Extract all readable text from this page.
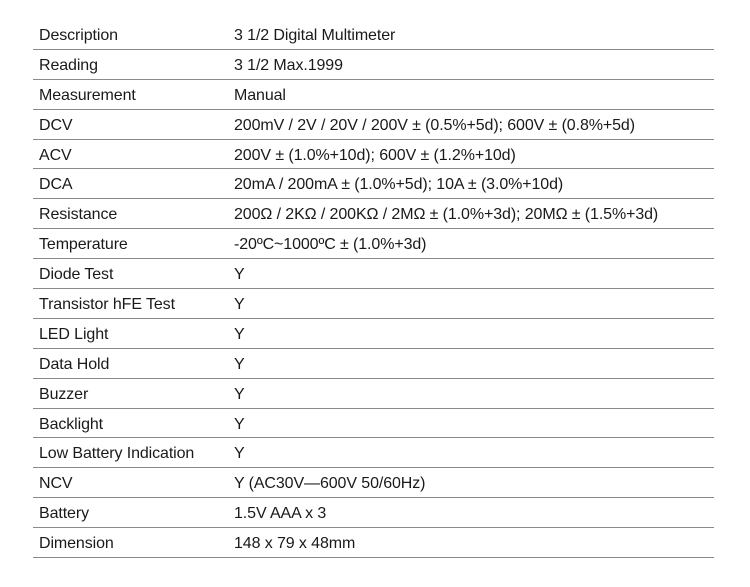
Description	3 1/2 Digital Multimeter
Reading	3 1/2 Max.1999
Measurement	Manual
DCV	200mV / 2V / 20V / 200V ± (0.5%+5d); 600V ± (0.8%+5d)
ACV	200V ± (1.0%+10d); 600V ± (1.2%+10d)
DCA	20mA / 200mA ± (1.0%+5d); 10A ± (3.0%+10d)
Resistance	200Ω / 2KΩ / 200KΩ / 2MΩ ± (1.0%+3d); 20MΩ ± (1.5%+3d)
Temperature	-20ºC~1000ºC ± (1.0%+3d)
Diode Test	Y
Transistor hFE Test	Y
LED Light	Y
Data Hold	Y
Buzzer	Y
Backlight	Y
Low Battery Indication Y
NCV	Y (AC30V—600V 50/60Hz)
Battery	1.5V AAA x 3
Dimension	148 x 79 x 48mm
